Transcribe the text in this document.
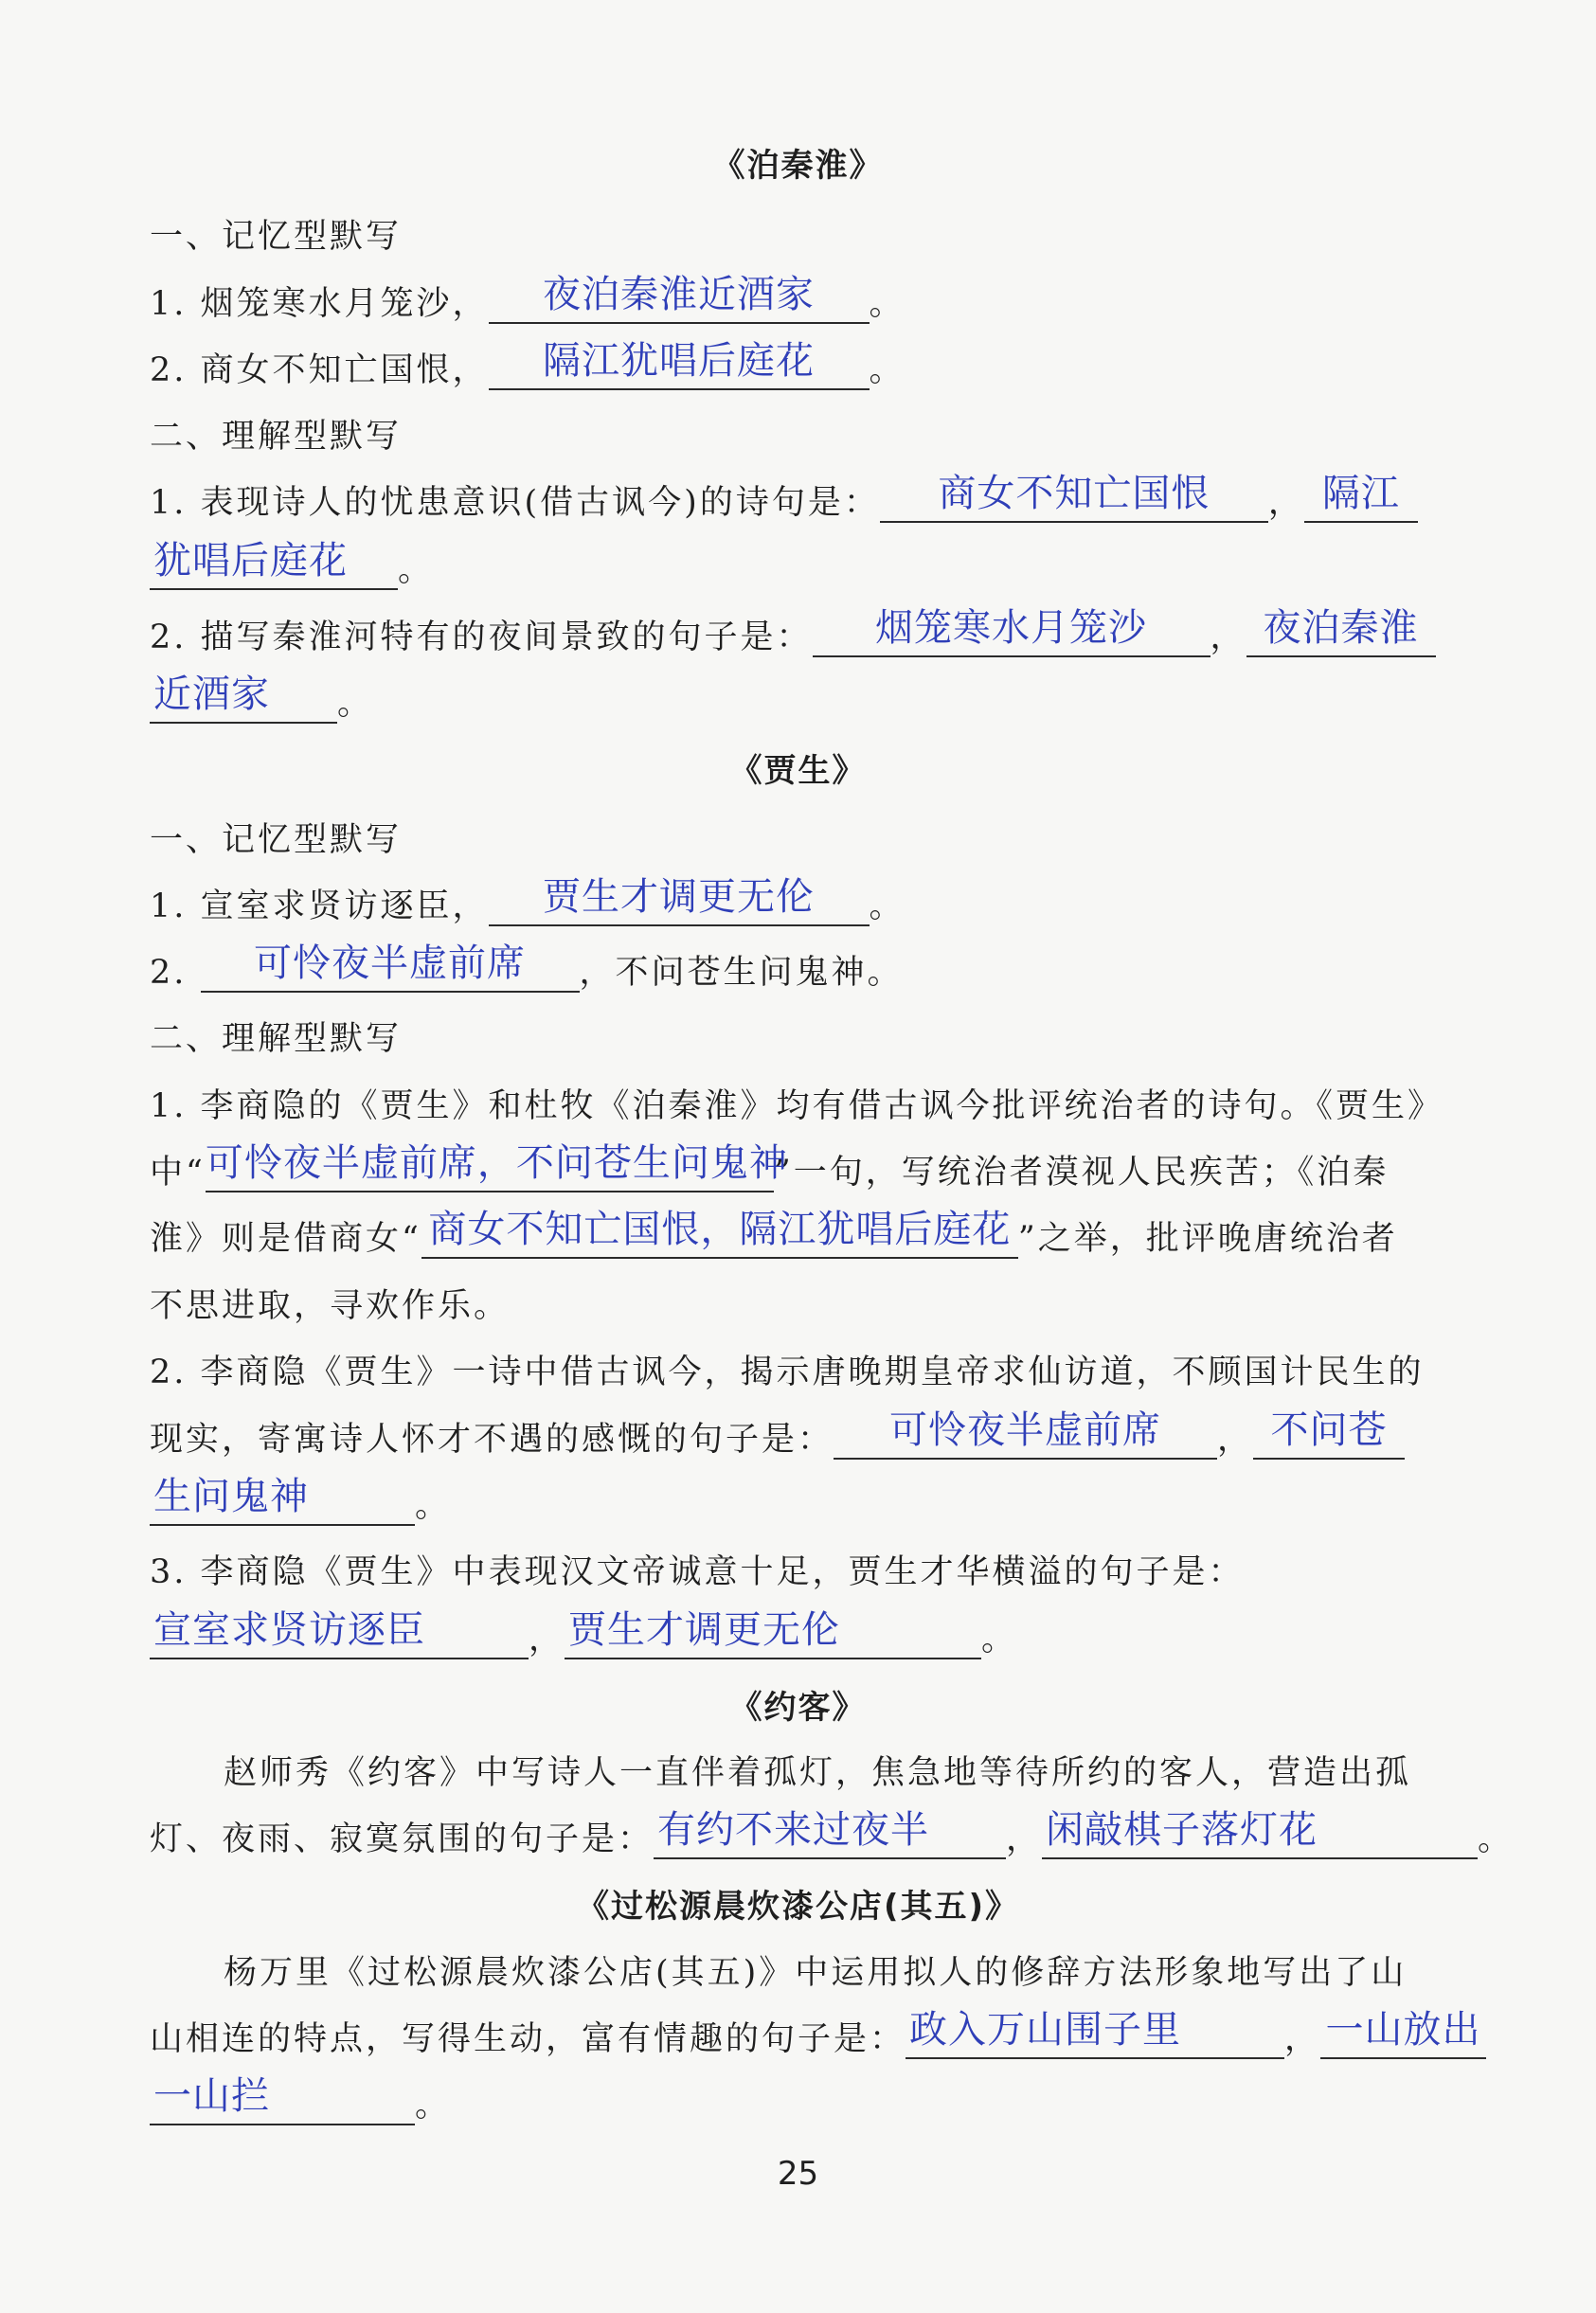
《泊秦淮》
一、记忆型默写
1. 烟笼寒水月笼沙，	夜泊秦淮近酒家	。
2. 商女不知亡国恨，	隔江犹唱后庭花	。
二、理解型默写
1. 表现诗人的忧患意识(借古讽今)的诗句是：	商女不知亡国恨	， 隔江
犹唱后庭花	。
2. 描写秦淮河特有的夜间景致的句子是：	烟笼寒水月笼沙	， 夜泊秦淮
近酒家	。
《贾生》
一、记忆型默写
1. 宣室求贤访逐臣，	贾生才调更无伦	。
2.	可怜夜半虚前席	，不问苍生问鬼神。
二、理解型默写
1. 李商隐的《贾生》和杜牧《泊秦淮》均有借古讽今批评统治者的诗句。《贾生》
中“ 可怜夜半虚前席，不问苍生问鬼神
”一句，写统治者漠视人民疾苦；《泊秦
淮》则是借商女“ 商女不知亡国恨，隔江犹唱后庭花 ”之举，批评晚唐统治者
不思进取，寻欢作乐。
2. 李商隐《贾生》一诗中借古讽今，揭示唐晚期皇帝求仙访道，不顾国计民生的
现实，寄寓诗人怀才不遇的感慨的句子是：	可怜夜半虚前席	， 不问苍
生问鬼神	。
3. 李商隐《贾生》中表现汉文帝诚意十足，贾生才华横溢的句子是：
宣室求贤访逐臣	， 贾生才调更无伦	。
《约客》
赵师秀《约客》中写诗人一直伴着孤灯，焦急地等待所约的客人，营造出孤
灯、夜雨、寂寞氛围的句子是： 有约不来过夜半	， 闲敲棋子落灯花	。
《过松源晨炊漆公店(其五)》
杨万里《过松源晨炊漆公店(其五)》中运用拟人的修辞方法形象地写出了山
山相连的特点，写得生动，富有情趣的句子是： 政入万山围子里	， 一山放出
一山拦	。
25
